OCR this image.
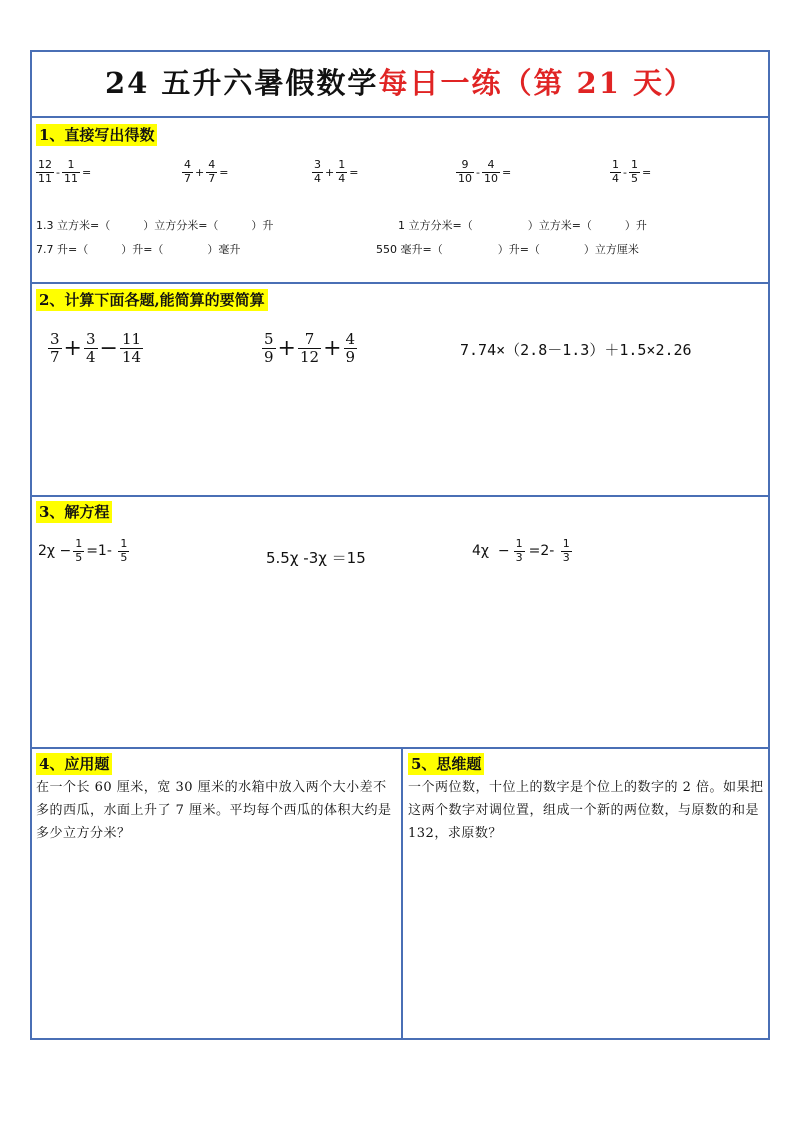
24 五升六暑假数学每日一练（第 21 天）
1、直接写出得数
$\frac{12}{11} - \frac{1}{11}$ =	$\frac{4}{7} + \frac{4}{7}$ =	$\frac{3}{4} + \frac{1}{4}$ =	$\frac{9}{10} - \frac{4}{10}$ =	$\frac{1}{4} - \frac{1}{5}$ =
1.3 立方米=（　　　）立方分米=（　　　）升	1 立方分米=（　　　　　）立方米=（　　　）升
7.7 升=（　　　）升=（　　　　）毫升	550 毫升=（　　　　　）升=（　　　　）立方厘米
2、计算下面各题,能简算的要简算
$\frac{3}{7} + \frac{3}{4} - \frac{11}{14}$	$\frac{5}{9} + \frac{7}{12} + \frac{4}{9}$	7.74×（2.8－1.3）＋1.5×2.26
3、解方程
$2\chi - \frac{1}{5} =1- \frac{1}{5}$	5.5χ -3χ ＝15	$4\chi - \frac{1}{3} =2- \frac{1}{3}$
4、应用题
在一个长 60 厘米，宽 30 厘米的水箱中放入两个大小差不多的西瓜，水面上升了 7 厘米。平均每个西瓜的体积大约是多少立方分米？
5、思维题
一个两位数，十位上的数字是个位上的数字的 2 倍。如果把这两个数字对调位置，组成一个新的两位数，与原数的和是 132，求原数？
